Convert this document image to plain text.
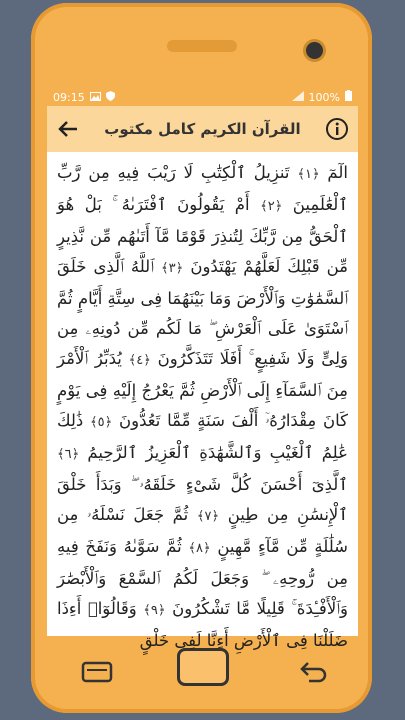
09:15	100%
القرآن الكريم كامل مكتوب
الٓمٓ ﴿١﴾ تَنزِيلُ ٱلْكِتَٰبِ لَا رَيْبَ فِيهِ مِن رَّبِّ ٱلْعَٰلَمِينَ ﴿٢﴾ أَمْ يَقُولُونَ ٱفْتَرَىٰهُ ۚ بَلْ هُوَ ٱلْحَقُّ مِن رَّبِّكَ لِتُنذِرَ قَوْمًا مَّآ أَتَىٰهُم مِّن نَّذِيرٍ مِّن قَبْلِكَ لَعَلَّهُمْ يَهْتَدُونَ ﴿٣﴾ ٱللَّهُ ٱلَّذِى خَلَقَ ٱلسَّمَٰوَٰتِ وَٱلْأَرْضَ وَمَا بَيْنَهُمَا فِى سِتَّةِ أَيَّامٍ ثُمَّ ٱسْتَوَىٰ عَلَى ٱلْعَرْشِ ۖ مَا لَكُم مِّن دُونِهِۦ مِن وَلِىٍّ وَلَا شَفِيعٍ ۚ أَفَلَا تَتَذَكَّرُونَ ﴿٤﴾ يُدَبِّرُ ٱلْأَمْرَ مِنَ ٱلسَّمَآءِ إِلَى ٱلْأَرْضِ ثُمَّ يَعْرُجُ إِلَيْهِ فِى يَوْمٍ كَانَ مِقْدَارُهُۥٓ أَلْفَ سَنَةٍ مِّمَّا تَعُدُّونَ ﴿٥﴾ ذَٰلِكَ عَٰلِمُ ٱلْغَيْبِ وَٱلشَّهَٰدَةِ ٱلْعَزِيزُ ٱلرَّحِيمُ ﴿٦﴾ ٱلَّذِىٓ أَحْسَنَ كُلَّ شَىْءٍ خَلَقَهُۥ ۖ وَبَدَأَ خَلْقَ ٱلْإِنسَٰنِ مِن طِينٍ ﴿٧﴾ ثُمَّ جَعَلَ نَسْلَهُۥ مِن سُلَٰلَةٍ مِّن مَّآءٍ مَّهِينٍ ﴿٨﴾ ثُمَّ سَوَّىٰهُ وَنَفَخَ فِيهِ مِن رُّوحِهِۦ ۖ وَجَعَلَ لَكُمُ ٱلسَّمْعَ وَٱلْأَبْصَٰرَ وَٱلْأَفْـِٔدَةَ ۚ قَلِيلًا مَّا تَشْكُرُونَ ﴿٩﴾ وَقَالُوٓا۟ أَءِذَا ضَلَلْنَا فِى ٱلْأَرْضِ أَءِنَّا لَفِى خَلْقٍ
